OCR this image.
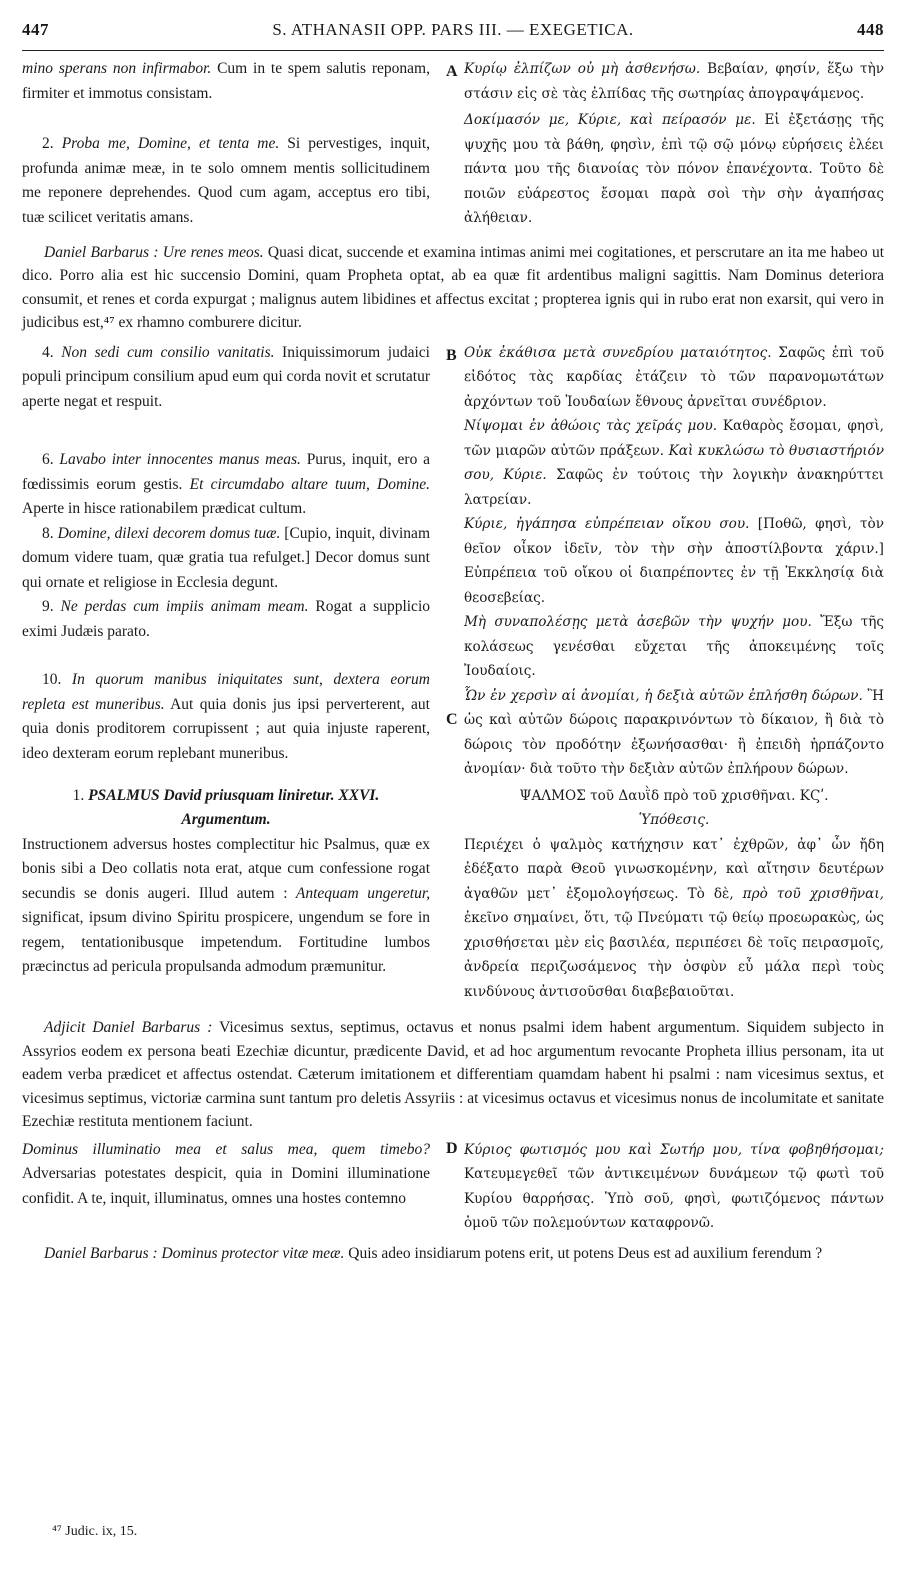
447	S. ATHANASII OPP. PARS III. — EXEGETICA.	448
A

mino sperans non infirmabor. Cum in te spem salutis reponam, firmiter et immotus consistam.

2. Proba me, Domine, et tenta me. Si pervestiges, inquit, profunda animæ meæ, in te solo omnem mentis sollicitudinem me reponere deprehendes. Quod cum agam, acceptus ero tibi, tuæ scilicet veritatis amans.

Κυρίῳ ἐλπίζων οὐ μὴ ἀσθενήσω. Βεβαίαν, φησίν, ἕξω τὴν στάσιν εἰς σὲ τὰς ἐλπίδας τῆς σωτηρίας ἀπογραψάμενος.

Δοκίμασόν με, Κύριε, καὶ πείρασόν με. Εἰ ἐξετάσῃς τῆς ψυχῆς μου τὰ βάθη, φησὶν, ἐπὶ τῷ σῷ μόνῳ εὑρήσεις ἐλέει πάντα μου τῆς διανοίας τὸν πόνον ἐπανέχοντα. Τοῦτο δὲ ποιῶν εὐάρεστος ἔσομαι παρὰ σοὶ τὴν σὴν ἀγαπήσας ἀλήθειαν.

Daniel Barbarus : Ure renes meos. Quasi dicat, succende et examina intimas animi mei cogitationes, et perscrutare an ita me habeo ut dico. Porro alia est hic succensio Domini, quam Propheta optat, ab ea quæ fit ardentibus maligni sagittis. Nam Dominus deteriora consumit, et renes et corda expurgat ; malignus autem libidines et affectus excitat ; propterea ignis qui in rubo erat non exarsit, qui vero in judicibus est,⁴⁷ ex rhamno comburere dicitur.

B

4. Non sedi cum consilio vanitatis. Iniquissimorum judaici populi principum consilium apud eum qui corda novit et scrutatur aperte negat et respuit.

6. Lavabo inter innocentes manus meas. Purus, inquit, ero a fœdissimis eorum gestis. Et circumdabo altare tuum, Domine. Aperte in hisce rationabilem prædicat cultum.

8. Domine, dilexi decorem domus tuæ. [Cupio, inquit, divinam domum videre tuam, quæ gratia tua refulget.] Decor domus sunt qui ornate et religiose in Ecclesia degunt.

9. Ne perdas cum impiis animam meam. Rogat a supplicio eximi Judæis parato.

10. In quorum manibus iniquitates sunt, dextera eorum repleta est muneribus. Aut quia donis jus ipsi perverterent, aut quia donis proditorem corrupissent ; aut quia injuste raperent, ideo dexteram eorum replebant muneribus.

Οὐκ ἐκάθισα μετὰ συνεδρίου ματαιότητος. Σαφῶς ἐπὶ τοῦ εἰδότος τὰς καρδίας ἐτάζειν τὸ τῶν παρανομωτάτων ἀρχόντων τοῦ Ἰουδαίων ἔθνους ἀρνεῖται συνέδριον.

Νίψομαι ἐν ἀθώοις τὰς χεῖράς μου. Καθαρὸς ἔσομαι, φησὶ, τῶν μιαρῶν αὐτῶν πράξεων. Καὶ κυκλώσω τὸ θυσιαστήριόν σου, Κύριε. Σαφῶς ἐν τούτοις τὴν λογικὴν ἀνακηρύττει λατρείαν.

Κύριε, ἠγάπησα εὐπρέπειαν οἴκου σου. [Ποθῶ, φησὶ, τὸν θεῖον οἶκον ἰδεῖν, τὸν τὴν σὴν ἀποστίλβοντα χάριν.] Εὐπρέπεια τοῦ οἴκου οἱ διαπρέποντες ἐν τῇ Ἐκκλησίᾳ διὰ θεοσεβείας.

Μὴ συναπολέσῃς μετὰ ἀσεβῶν τὴν ψυχήν μου. Ἔξω τῆς κολάσεως γενέσθαι εὔχεται τῆς ἀποκειμένης τοῖς Ἰουδαίοις.

Ὧν ἐν χερσὶν αἱ ἀνομίαι, ἡ δεξιὰ αὐτῶν ἐπλήσθη δώρων. Ἢ ὡς καὶ αὐτῶν δώροις παρακρινόντων τὸ δίκαιον, ἢ διὰ τὸ δώροις τὸν προδότην ἐξωνήσασθαι· ἢ ἐπειδὴ ἡρπάζοντο ἀνομίαν· διὰ τοῦτο τὴν δεξιὰν αὐτῶν ἐπλήρουν δώρων.

C

1. PSALMUS David priusquam liniretur. XXVI.

Argumentum.

Instructionem adversus hostes complectitur hic Psalmus, quæ ex bonis sibi a Deo collatis nota erat, atque cum confessione rogat secundis se donis augeri. Illud autem : Antequam ungeretur, significat, ipsum divino Spiritu prospicere, ungendum se fore in regem, tentationibusque impetendum. Fortitudine lumbos præcinctus ad pericula propulsanda admodum præmunitur.

ΨΑΛΜΟΣ τοῦ Δαυῒδ πρὸ τοῦ χρισθῆναι. ΚϚʹ.

Ὑπόθεσις.

Περιέχει ὁ ψαλμὸς κατήχησιν κατ᾽ ἐχθρῶν, ἀφ᾽ ὧν ἤδη ἐδέξατο παρὰ Θεοῦ γινωσκομένην, καὶ αἴτησιν δευτέρων ἀγαθῶν μετ᾽ ἐξομολογήσεως. Τὸ δὲ, πρὸ τοῦ χρισθῆναι, ἐκεῖνο σημαίνει, ὅτι, τῷ Πνεύματι τῷ θείῳ προεωρακὼς, ὡς χρισθήσεται μὲν εἰς βασιλέα, περιπέσει δὲ τοῖς πειρασμοῖς, ἀνδρεία περιζωσάμενος τὴν ὀσφὺν εὖ μάλα περὶ τοὺς κινδύνους ἀντισοῦσθαι διαβεβαιοῦται.

Adjicit Daniel Barbarus : Vicesimus sextus, septimus, octavus et nonus psalmi idem habent argumentum. Siquidem subjecto in Assyrios eodem ex persona beati Ezechiæ dicuntur, prædicente David, et ad hoc argumentum revocante Propheta illius personam, ita ut eadem verba prædicet et affectus ostendat. Cæterum imitationem et differentiam quamdam habent hi psalmi : nam vicesimus sextus, et vicesimus septimus, victoriæ carmina sunt tantum pro deletis Assyriis : at vicesimus octavus et vicesimus nonus de incolumitate et sanitate Ezechiæ restituta mentionem faciunt.

D

Dominus illuminatio mea et salus mea, quem timebo? Adversarias potestates despicit, quia in Domini illuminatione confidit. A te, inquit, illuminatus, omnes una hostes contemno

Κύριος φωτισμός μου καὶ Σωτήρ μου, τίνα φοβηθήσομαι; Κατευμεγεθεῖ τῶν ἀντικειμένων δυνάμεων τῷ φωτὶ τοῦ Κυρίου θαρρήσας. Ὑπὸ σοῦ, φησὶ, φωτιζόμενος πάντων ὁμοῦ τῶν πολεμούντων καταφρονῶ.

Daniel Barbarus : Dominus protector vitæ meæ. Quis adeo insidiarum potens erit, ut potens Deus est ad auxilium ferendum ?

⁴⁷ Judic. ix, 15.
